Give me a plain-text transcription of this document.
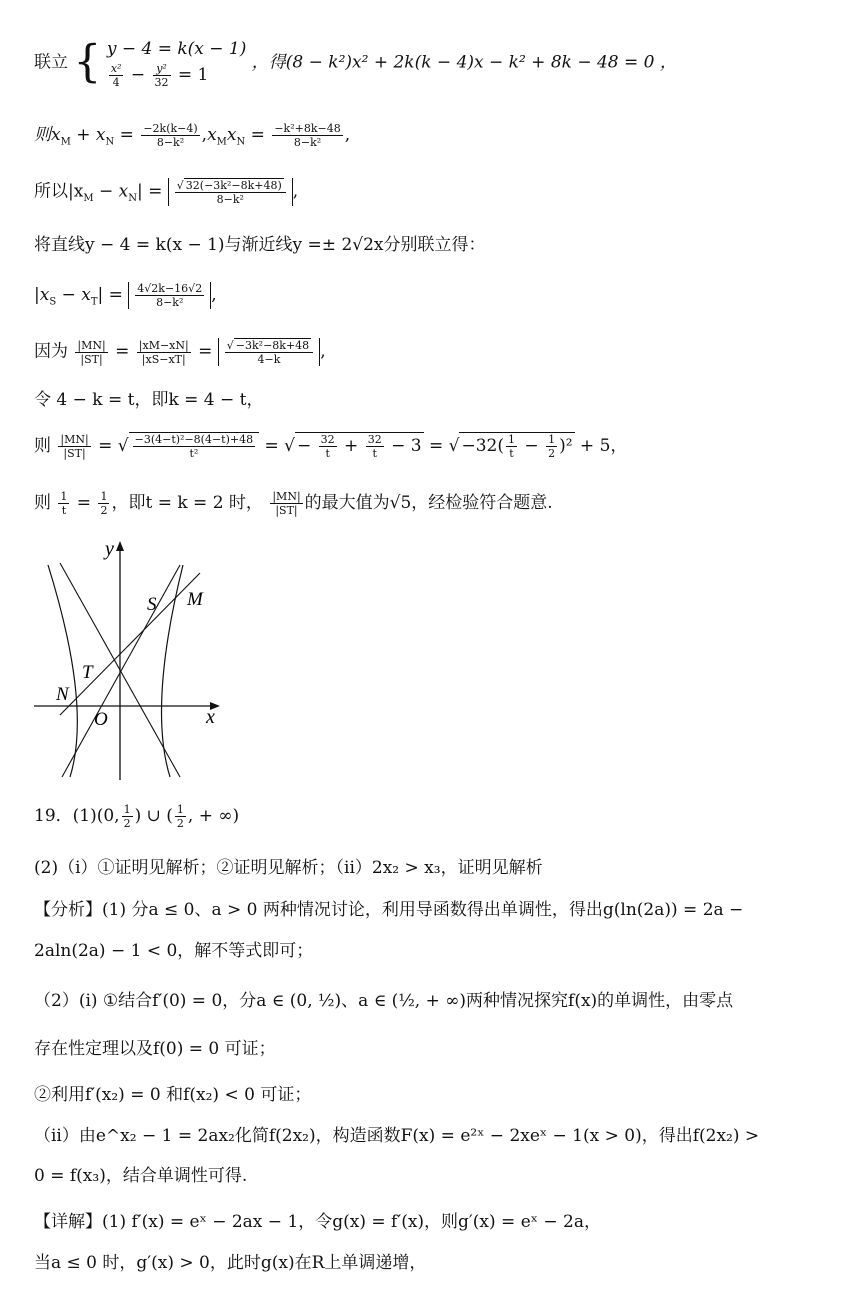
联立 { y − 4 = k(x − 1)
$\frac{\text{x²}}{4} - \frac{\text{y²}}{32} = 1$
，得(8 − k²)x² + 2k(k − 4)x − k² + 8k − 48 = 0 ，
则$x_M + x_N = \frac{-2k(k-4)}{\text{8−k²}} ,x_Mx_N = \frac{\text{−k²+8k−48}}{\text{8−k²}}$ ,
所以$|x_M - x_N| = \frac{\text{√ 32(−3k²−8k+48)}}{\text{8−k²}}$ ,
将直线y − 4 = k(x − 1)与渐近线y =± 2√2x分别联立得：
$|x_S - x_T| = \frac{4√2k-16√2}{\text{8−k²}}$ ,
因为 $\frac{|MN|}{|ST|} = \frac{|xM-xN|}{|xS-xT|} = \frac{\text{√ −3k²−8k+48}}{4-k}$ ,
令 4 − k = t，即k = 4 − t，
则 $\frac{|MN|}{|ST|}$ = √ $\frac{\text{−3(4−t)²−8(4−t)+48}}{\text{t²}}$ = √ − $\frac{32}{t} + \frac{32}{t} - 3$ = √ $-32( \frac{1}{t} - \frac{1}{2} )^2 + 5$，
则 $\frac{1}{t} = \frac{1}{2}$ ，即t = k = 2 时， $\frac{|MN|}{|ST|}$ 的最大值为√5，经检验符合题意.
y
x
O
S M
T
N
19．(1)(0, $\frac{1}{2}$ ) ∪ ( $\frac{1}{2}$ , + ∞)
(2)（i）①证明见解析；②证明见解析；（ii）2x₂ > x₃，证明见解析
【分析】(1) 分a ≤ 0、a > 0 两种情况讨论，利用导函数得出单调性，得出g(ln(2a)) = 2a −
2aln(2a) − 1 < 0，解不等式即可；
（2）(i) ①结合f′(0) = 0，分a ∈ (0, ½)、a ∈ (½, + ∞)两种情况探究f(x)的单调性，由零点
存在性定理以及f(0) = 0 可证；
②利用f′(x₂) = 0 和f(x₂) < 0 可证；
（ii）由e^x₂ − 1 = 2ax₂化简f(2x₂)，构造函数F(x) = e²ˣ − 2xeˣ − 1(x > 0)，得出f(2x₂) >
0 = f(x₃)，结合单调性可得.
【详解】(1) f′(x) = eˣ − 2ax − 1，令g(x) = f′(x)，则g′(x) = eˣ − 2a，
当a ≤ 0 时，g′(x) > 0，此时g(x)在R上单调递增，
